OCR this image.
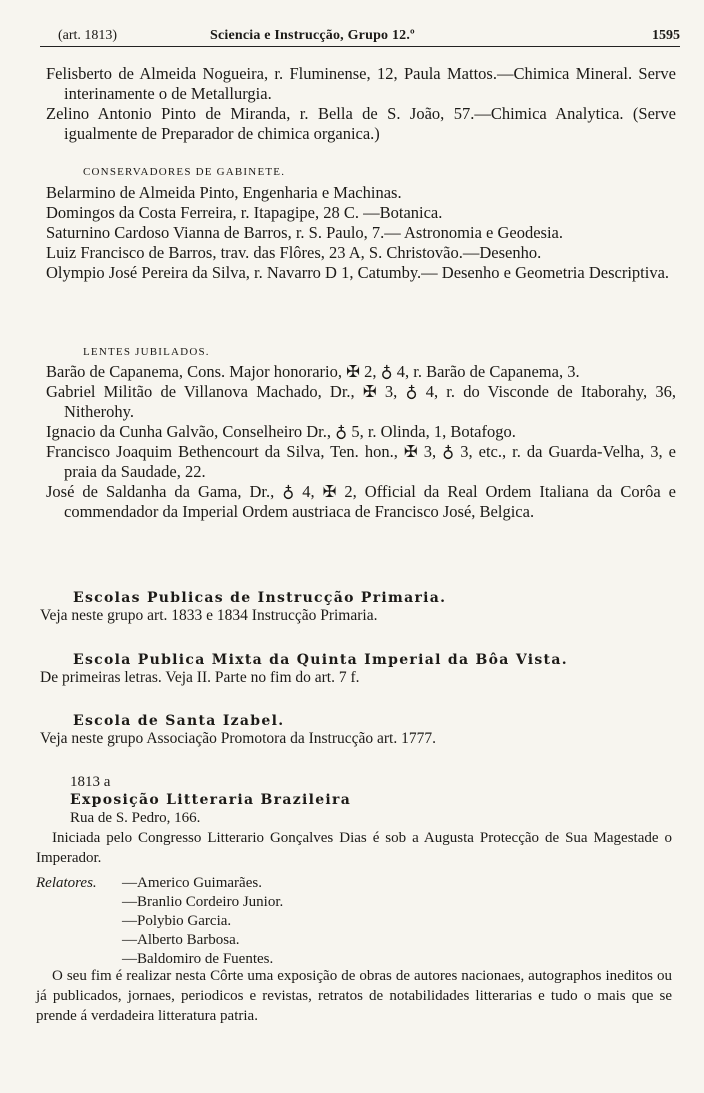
(art. 1813)	Sciencia e Instrucção, Grupo 12.º	1595

Felisberto de Almeida Nogueira, r. Fluminense, 12, Paula Mattos.—Chimica Mineral. Serve interinamente o de Metallurgia.

Zelino Antonio Pinto de Miranda, r. Bella de S. João, 57.—Chimica Analytica. (Serve igualmente de Preparador de chimica organica.)

CONSERVADORES DE GABINETE.

Belarmino de Almeida Pinto, Engenharia e Machinas.

Domingos da Costa Ferreira, r. Itapagipe, 28 C. —Botanica.

Saturnino Cardoso Vianna de Barros, r. S. Paulo, 7.— Astronomia e Geodesia.

Luiz Francisco de Barros, trav. das Flôres, 23 A, S. Christovão.—Desenho.

Olympio José Pereira da Silva, r. Navarro D 1, Catumby.— Desenho e Geometria Descriptiva.

LENTES JUBILADOS.

Barão de Capanema, Cons. Major honorario, ✠ 2, ♁ 4, r. Barão de Capanema, 3.

Gabriel Militão de Villanova Machado, Dr., ✠ 3, ♁ 4, r. do Visconde de Itaborahy, 36, Nitherohy.

Ignacio da Cunha Galvão, Conselheiro Dr., ♁ 5, r. Olinda, 1, Botafogo.

Francisco Joaquim Bethencourt da Silva, Ten. hon., ✠ 3, ♁ 3, etc., r. da Guarda-Velha, 3, e praia da Saudade, 22.

José de Saldanha da Gama, Dr., ♁ 4, ✠ 2, Official da Real Ordem Italiana da Corôa e commendador da Imperial Ordem austriaca de Francisco José, Belgica.

Escolas Publicas de Instrucção Primaria.

Veja neste grupo art. 1833 e 1834 Instrucção Primaria.

Escola Publica Mixta da Quinta Imperial da Bôa Vista.

De primeiras letras. Veja II. Parte no fim do art. 7 f.

Escola de Santa Izabel.

Veja neste grupo Associação Promotora da Instrucção art. 1777.

1813 a

Exposição Litteraria Brazileira

Rua de S. Pedro, 166.

Iniciada pelo Congresso Litterario Gonçalves Dias é sob a Augusta Protecção de Sua Magestade o Imperador.

Relatores. —Americo Guimarães.
—Branlio Cordeiro Junior.
—Polybio Garcia.
—Alberto Barbosa.
—Baldomiro de Fuentes.

O seu fim é realizar nesta Côrte uma exposição de obras de autores nacionaes, autographos ineditos ou já publicados, jornaes, periodicos e revistas, retratos de notabilidades litterarias e tudo o mais que se prende á verdadeira litteratura patria.
